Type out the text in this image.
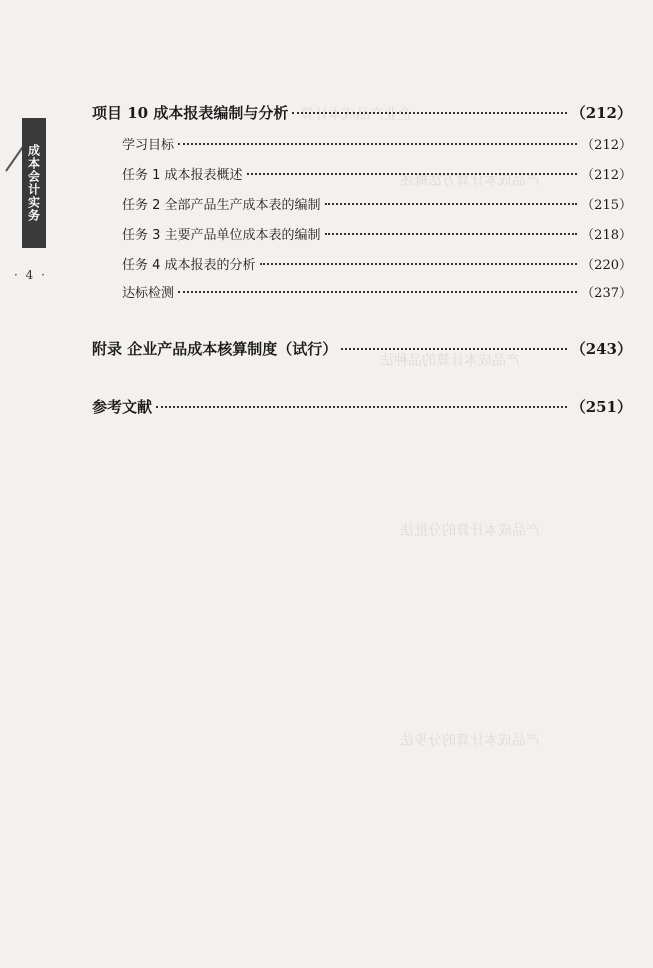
企业产品成本计算
产品成本计算方法概述
产品成本计算的品种法
产品成本计算的分批法
产品成本计算的分步法
成本会计实务
· 4 ·
项目 10 成本报表编制与分析	（212）
学习目标	（212）
任务 1 成本报表概述	（212）
任务 2 全部产品生产成本表的编制	（215）
任务 3 主要产品单位成本表的编制	（218）
任务 4 成本报表的分析	（220）
达标检测	（237）
附录 企业产品成本核算制度（试行）	（243）
参考文献	（251）
